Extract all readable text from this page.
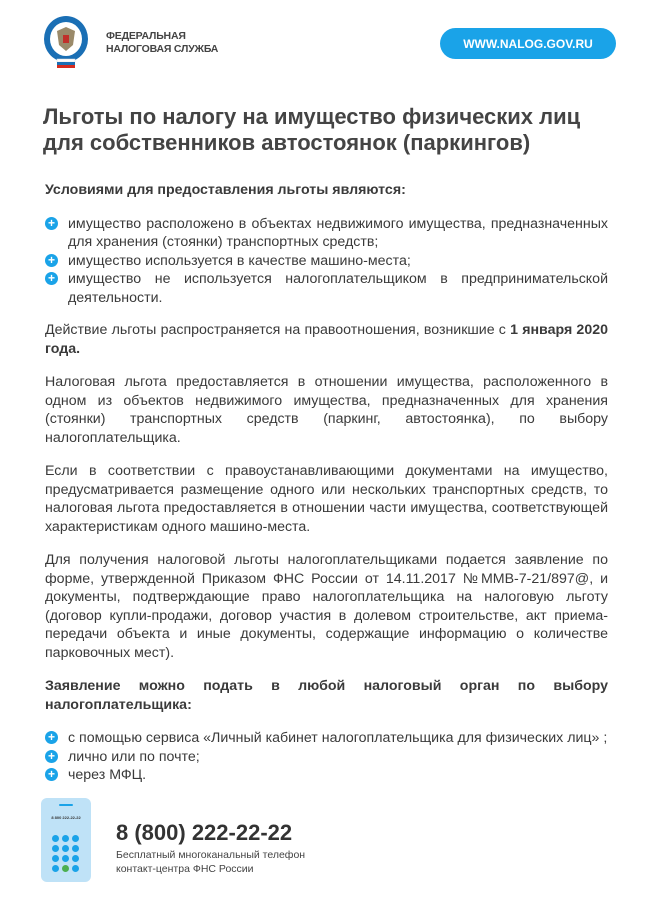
ФЕДЕРАЛЬНАЯ
НАЛОГОВАЯ СЛУЖБА	WWW.NALOG.GOV.RU
Льготы по налогу на имущество физических лиц
для собственников автостоянок (паркингов)

Условиями для предоставления льготы являются:

+ имущество расположено в объектах недвижимого имущества, предназначенных для хранения (стоянки) транспортных средств;
+ имущество используется в качестве машино-места;
+ имущество не используется налогоплательщиком в предпринимательской деятельности.

Действие льготы распространяется на правоотношения, возникшие с 1 января 2020 года.

Налоговая льгота предоставляется в отношении имущества, расположенного в одном из объектов недвижимого имущества, предназначенных для хранения (стоянки) транспортных средств (паркинг, автостоянка), по выбору налогоплательщика.

Если в соответствии с правоустанавливающими документами на имущество, предусматривается размещение одного или нескольких транспортных средств, то налоговая льгота предоставляется в отношении части имущества, соответствующей характеристикам одного машино-места.

Для получения налоговой льготы налогоплательщиками подается заявление по форме, утвержденной Приказом ФНС России от 14.11.2017 №ММВ-7-21/897@, и документы, подтверждающие право налогоплательщика на налоговую льготу (договор купли-продажи, договор участия в долевом строительстве, акт приема-передачи объекта и иные документы, содержащие информацию о количестве парковочных мест).

Заявление можно подать в любой налоговый орган по выбору налогоплательщика:

+ с помощью сервиса «Личный кабинет налогоплательщика для физических лиц» ;
+ лично или по почте;
+ через МФЦ.
8 800 222-22-22
8 (800) 222-22-22
Бесплатный многоканальный телефон
контакт-центра ФНС России
